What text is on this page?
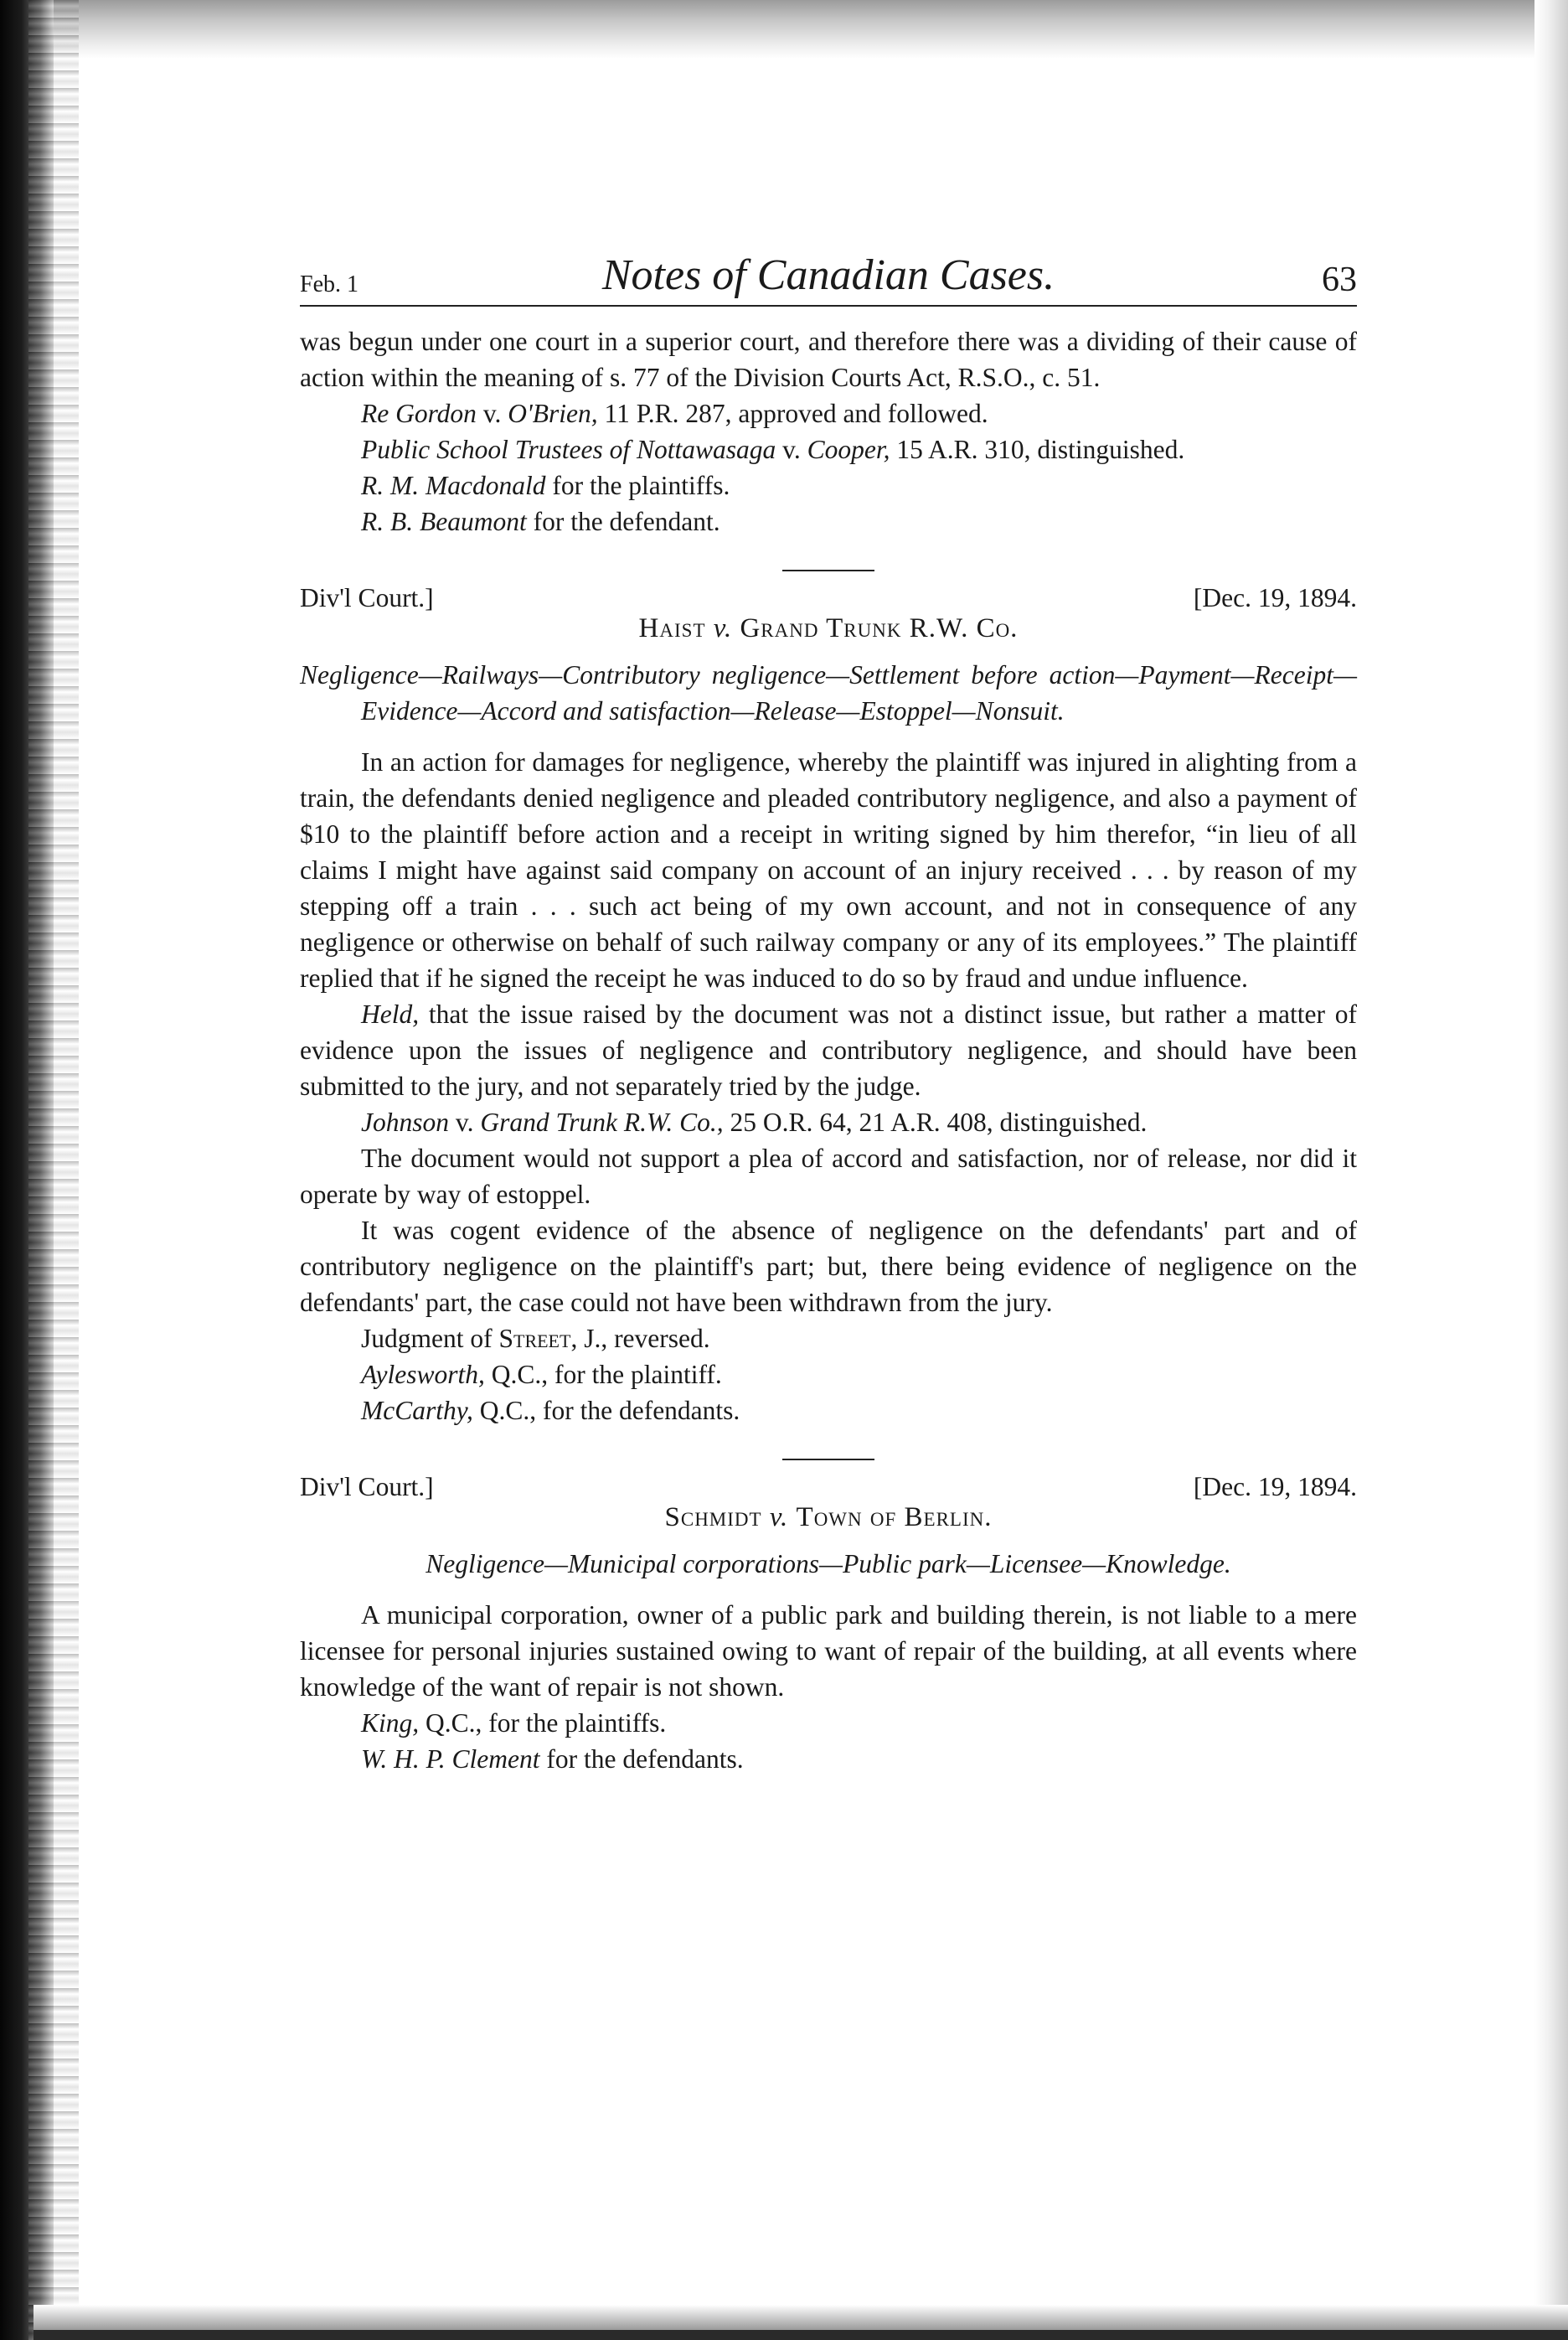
Feb. 1	Notes of Canadian Cases.	63

was begun under one court in a superior court, and therefore there was a dividing of their cause of action within the meaning of s. 77 of the Division Courts Act, R.S.O., c. 51.

Re Gordon v. O'Brien, 11 P.R. 287, approved and followed.

Public School Trustees of Nottawasaga v. Cooper, 15 A.R. 310, distinguished.

R. M. Macdonald for the plaintiffs.

R. B. Beaumont for the defendant.

Div'l Court.]	[Dec. 19, 1894.
Haist v. Grand Trunk R.W. Co.
Negligence—Railways—Contributory negligence—Settlement before action—Payment—Receipt—Evidence—Accord and satisfaction—Release—Estoppel—Nonsuit.

In an action for damages for negligence, whereby the plaintiff was injured in alighting from a train, the defendants denied negligence and pleaded contributory negligence, and also a payment of $10 to the plaintiff before action and a receipt in writing signed by him therefor, “in lieu of all claims I might have against said company on account of an injury received . . . by reason of my stepping off a train . . . such act being of my own account, and not in consequence of any negligence or otherwise on behalf of such railway company or any of its employees.” The plaintiff replied that if he signed the receipt he was induced to do so by fraud and undue influence.

Held, that the issue raised by the document was not a distinct issue, but rather a matter of evidence upon the issues of negligence and contributory negligence, and should have been submitted to the jury, and not separately tried by the judge.

Johnson v. Grand Trunk R.W. Co., 25 O.R. 64, 21 A.R. 408, distinguished.

The document would not support a plea of accord and satisfaction, nor of release, nor did it operate by way of estoppel.

It was cogent evidence of the absence of negligence on the defendants' part and of contributory negligence on the plaintiff's part; but, there being evidence of negligence on the defendants' part, the case could not have been withdrawn from the jury.

Judgment of Street, J., reversed.

Aylesworth, Q.C., for the plaintiff.

McCarthy, Q.C., for the defendants.

Div'l Court.]	[Dec. 19, 1894.
Schmidt v. Town of Berlin.
Negligence—Municipal corporations—Public park—Licensee—Knowledge.

A municipal corporation, owner of a public park and building therein, is not liable to a mere licensee for personal injuries sustained owing to want of repair of the building, at all events where knowledge of the want of repair is not shown.

King, Q.C., for the plaintiffs.

W. H. P. Clement for the defendants.
